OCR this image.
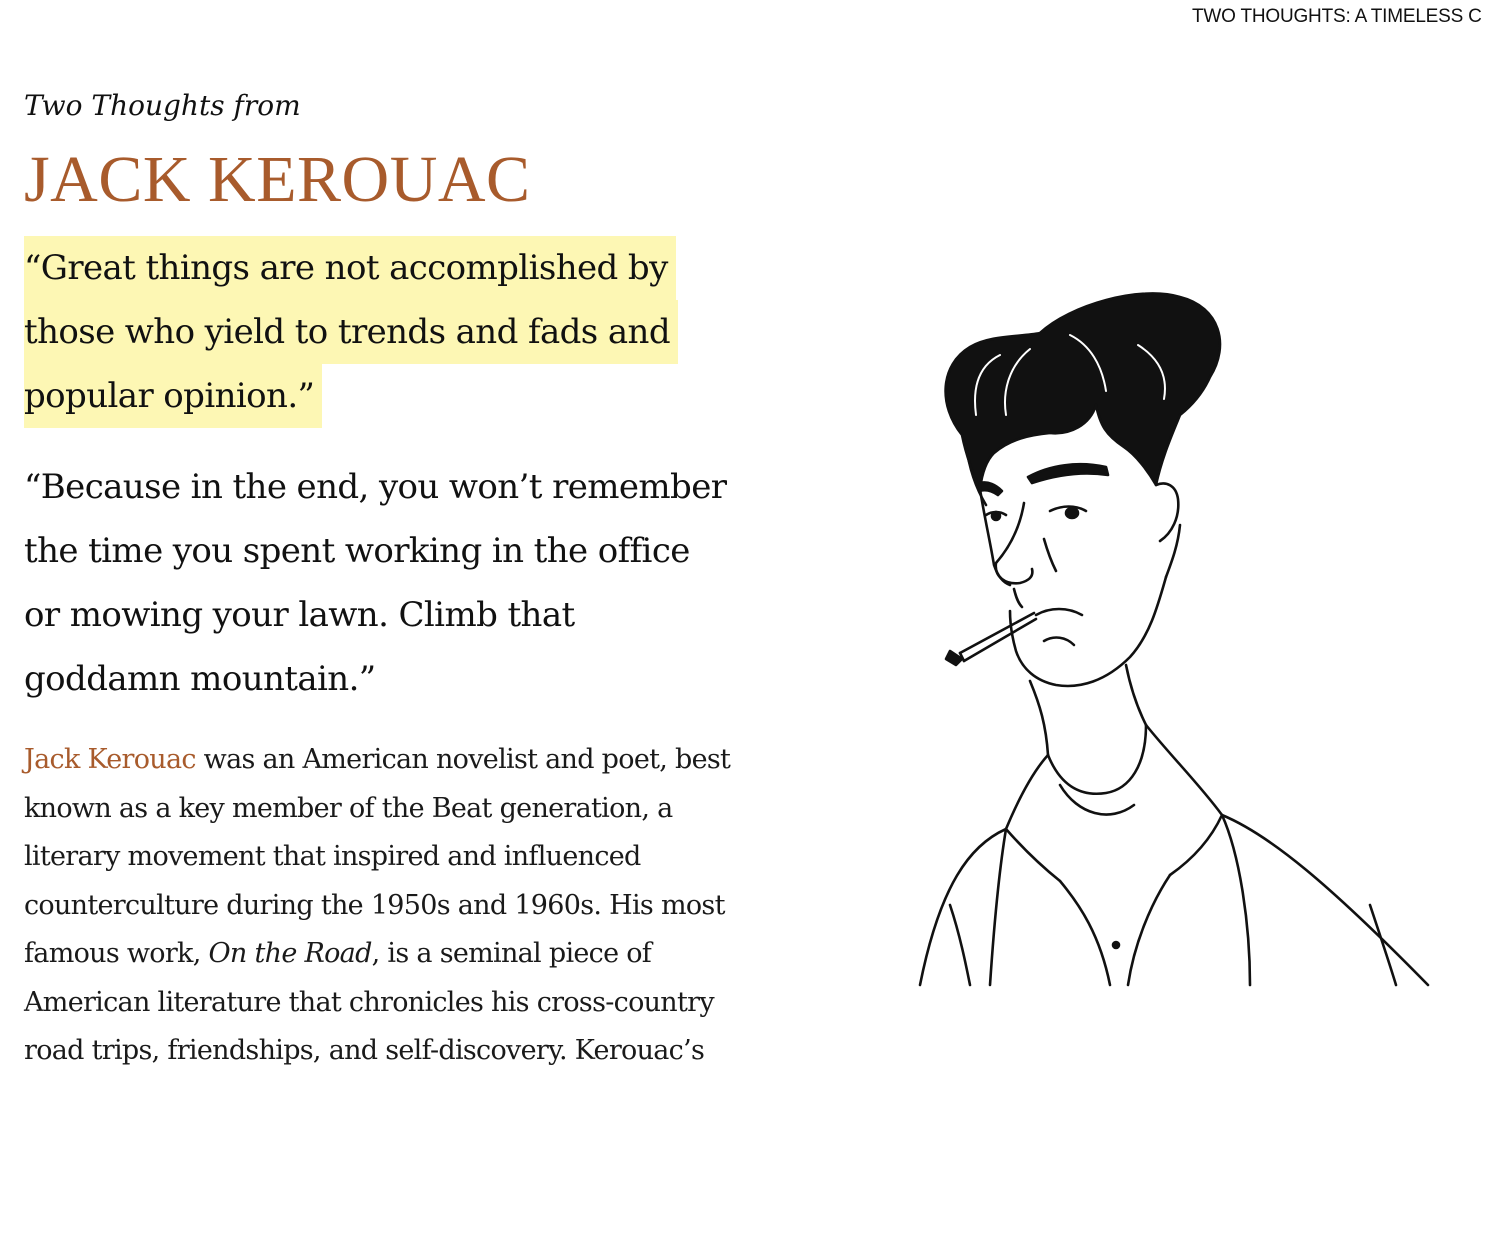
TWO THOUGHTS: A TIMELESS C
Two Thoughts from
JACK KEROUAC
“Great things are not accomplished by
those who yield to trends and fads and
popular opinion.”
“Because in the end, you won’t remember
the time you spent working in the office
or mowing your lawn. Climb that
goddamn mountain.”
Jack Kerouac was an American novelist and poet, best
known as a key member of the Beat generation, a
literary movement that inspired and influenced
counterculture during the 1950s and 1960s. His most
famous work, On the Road, is a seminal piece of
American literature that chronicles his cross-country
road trips, friendships, and self-discovery. Kerouac’s
